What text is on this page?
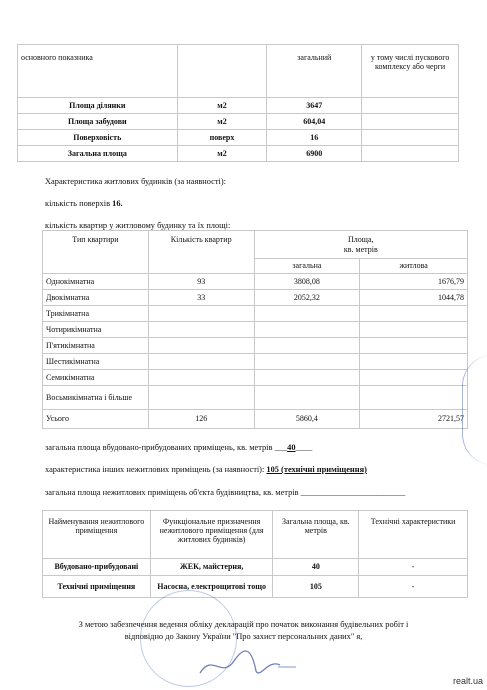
основного показника		загальний	у тому числі пускового комплексу або черги
Площа ділянки	м2	3647	
Площа забудови	м2	604,04	
Поверховість	поверх	16	
Загальна площа	м2	6900	
Характеристика житлових будинків (за наявності):
кількість поверхів 16.
кількість квартир у житловому будинку та їх площі:
Тип квартири	Кількість квартир	Площа,
кв. метрів	
		загальна	житлова
Однокімнатна	93	3808,08	1676,79
Двокімнатна	33	2052,32	1044,78
Трикімнатна			
Чотирикімнатна			
П'ятикімнатна			
Шестикімнатна			
Семикімнатна			
Восьмикімнатна і більше			
Усього	126	5860,4	2721,57
загальна площа вбудовано-прибудованих приміщень, кв. метрів ___40____
характеристика інших нежитлових приміщень (за наявності): 105 (технічні приміщення)
загальна площа нежитлових приміщень об'єкта будівництва, кв. метрів _________________________
Найменування нежитлового приміщення	Функціональне призначення нежитлового приміщення (для житлових будинків)	Загальна площа, кв. метрів	Технічні характеристики
Вбудовано-прибудовані	ЖЕК, майстерня,	40	-
Технічні приміщення	Насосна, електрощитові тощо	105	-
З метою забезпечення ведення обліку декларацій про початок виконання будівельних робіт і
відповідно до Закону України "Про захист персональних даних" я,
realt.ua
